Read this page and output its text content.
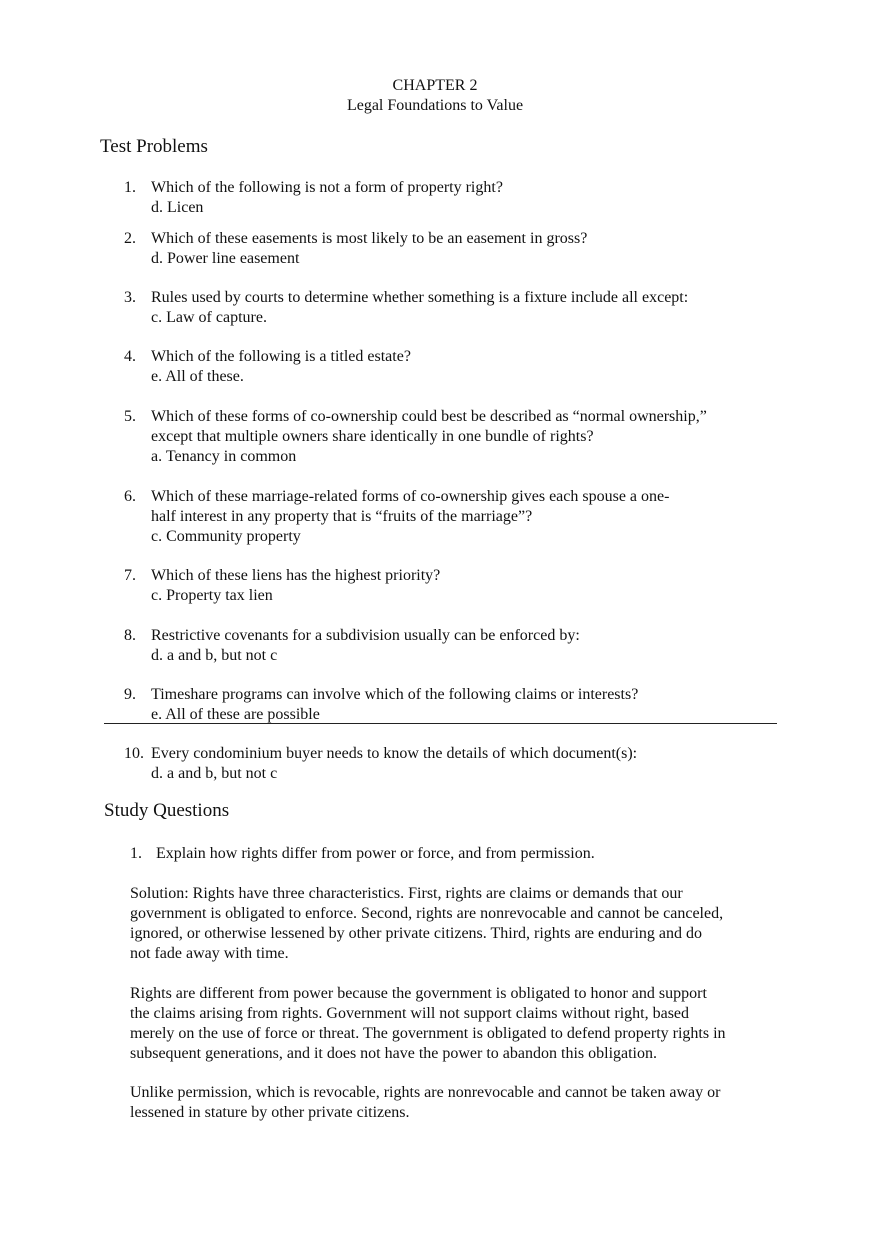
CHAPTER 2
Legal Foundations to Value
Test Problems
1. Which of the following is not a form of property right?
d. Licen
2. Which of these easements is most likely to be an easement in gross?
d. Power line easement
3. Rules used by courts to determine whether something is a fixture include all except:
c. Law of capture.
4. Which of the following is a titled estate?
e. All of these.
5. Which of these forms of co-ownership could best be described as “normal ownership,”
except that multiple owners share identically in one bundle of rights?
a. Tenancy in common
6. Which of these marriage-related forms of co-ownership gives each spouse a one-
half interest in any property that is “fruits of the marriage”?
c. Community property
7. Which of these liens has the highest priority?
c. Property tax lien
8. Restrictive covenants for a subdivision usually can be enforced by:
d. a and b, but not c
9. Timeshare programs can involve which of the following claims or interests?
e. All of these are possible
10. Every condominium buyer needs to know the details of which document(s):
d. a and b, but not c
Study Questions
1. Explain how rights differ from power or force, and from permission.
Solution: Rights have three characteristics. First, rights are claims or demands that our
government is obligated to enforce. Second, rights are nonrevocable and cannot be canceled,
ignored, or otherwise lessened by other private citizens. Third, rights are enduring and do
not fade away with time.
Rights are different from power because the government is obligated to honor and support
the claims arising from rights. Government will not support claims without right, based
merely on the use of force or threat. The government is obligated to defend property rights in
subsequent generations, and it does not have the power to abandon this obligation.
Unlike permission, which is revocable, rights are nonrevocable and cannot be taken away or
lessened in stature by other private citizens.
